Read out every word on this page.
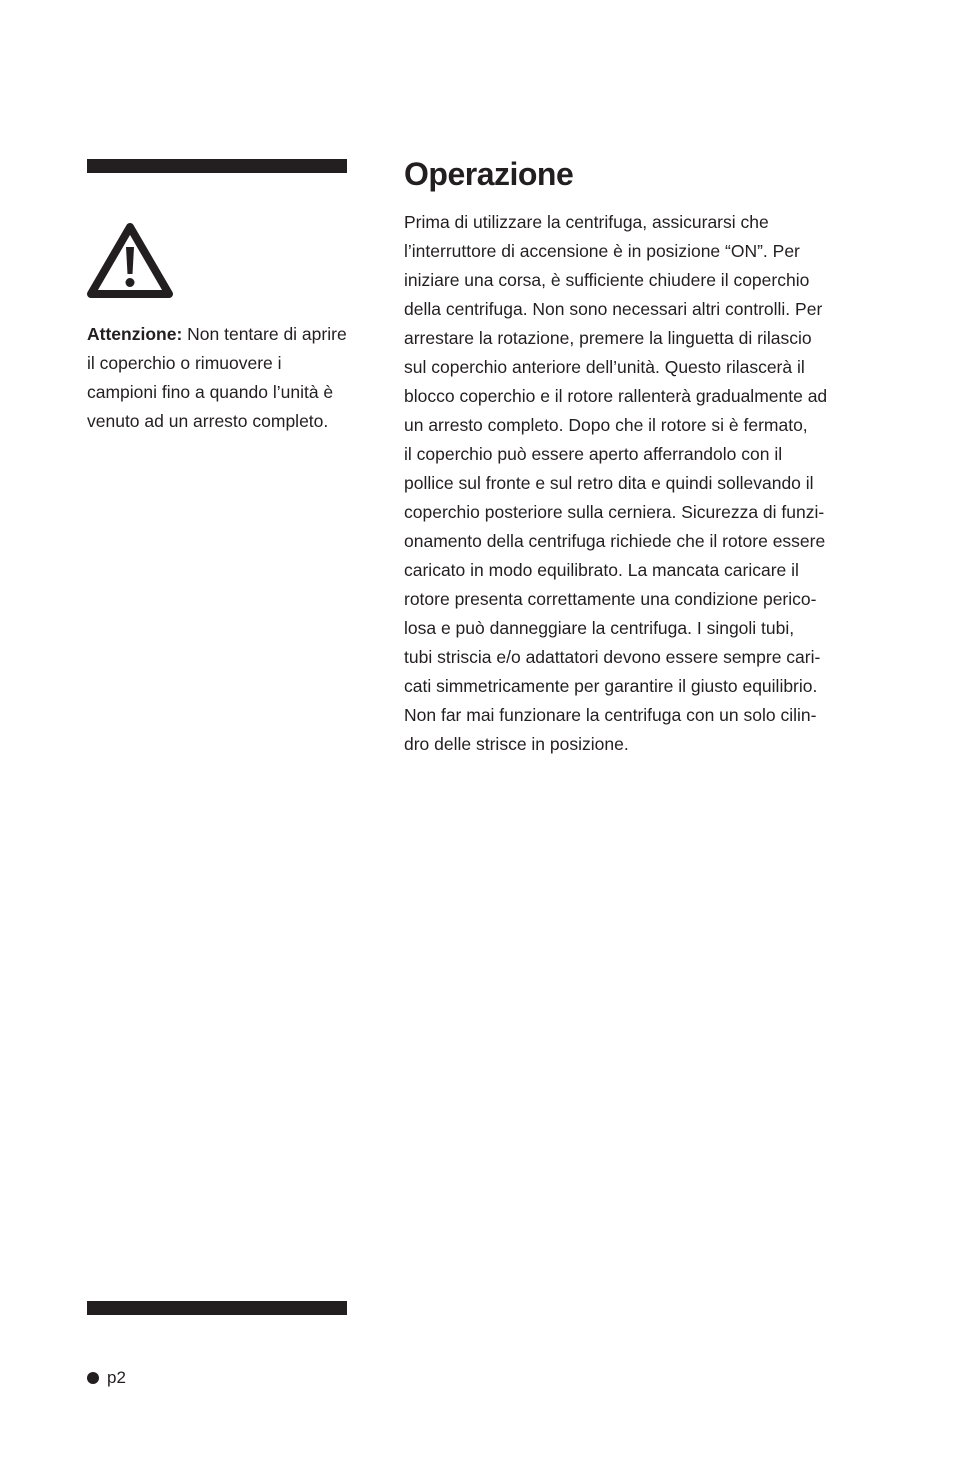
Attenzione: Non tentare di aprire il coperchio o rimuovere i campioni fino a quando l’unità è venuto ad un arresto completo.

Operazione

Prima di utilizzare la centrifuga, assicurarsi che
l’interruttore di accensione è in posizione “ON”. Per
iniziare una corsa, è sufficiente chiudere il coperchio
della centrifuga. Non sono necessari altri controlli. Per
arrestare la rotazione, premere la linguetta di rilascio
sul coperchio anteriore dell’unità. Questo rilascerà il
blocco coperchio e il rotore rallenterà gradualmente ad
un arresto completo. Dopo che il rotore si è fermato,
il coperchio può essere aperto afferrandolo con il
pollice sul fronte e sul retro dita e quindi sollevando il
coperchio posteriore sulla cerniera. Sicurezza di funzi-
onamento della centrifuga richiede che il rotore essere
caricato in modo equilibrato. La mancata caricare il
rotore presenta correttamente una condizione perico-
losa e può danneggiare la centrifuga. I singoli tubi,
tubi striscia e/o adattatori devono essere sempre cari-
cati simmetricamente per garantire il giusto equilibrio.
Non far mai funzionare la centrifuga con un solo cilin-
dro delle strisce in posizione.

p2
